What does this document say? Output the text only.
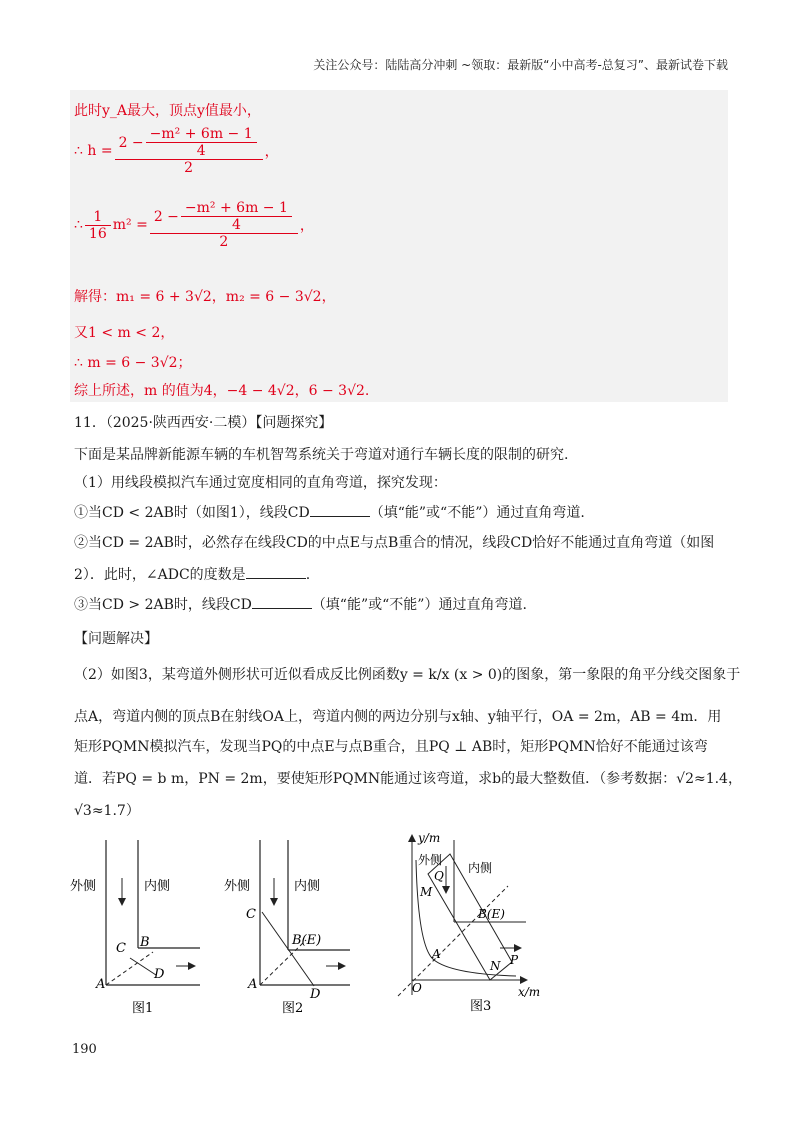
关注公众号：陆陆高分冲刺 ~领取：最新版“小中高考-总复习”、最新试卷下载
此时y_A最大，顶点y值最小，
∴ $h = \frac{2 - \frac{\text{−m² + 6m − 1}}{4}}{2}$ ，
∴ $\frac{1}{16} m^2 = \frac{2 - \frac{\text{−m² + 6m − 1}}{4}}{2}$ ，
解得：m₁ = 6 + 3√2，m₂ = 6 − 3√2，
又1 < m < 2，
∴ m = 6 − 3√2；
综上所述，m 的值为4，−4 − 4√2，6 − 3√2.
11．（2025·陕西西安·二模）【问题探究】
下面是某品牌新能源车辆的车机智驾系统关于弯道对通行车辆长度的限制的研究.
（1）用线段模拟汽车通过宽度相同的直角弯道，探究发现：
①当CD < 2AB时（如图1），线段CD	（填“能”或“不能”）通过直角弯道.
②当CD = 2AB时，必然存在线段CD的中点E与点B重合的情况，线段CD恰好不能通过直角弯道（如图
2）．此时，∠ADC的度数是	.
③当CD > 2AB时，线段CD	（填“能”或“不能”）通过直角弯道.
【问题解决】
（2）如图3，某弯道外侧形状可近似看成反比例函数y = k/x (x > 0)的图象，第一象限的角平分线交图象于
点A，弯道内侧的顶点B在射线OA上，弯道内侧的两边分别与x轴、y轴平行，OA = 2m，AB = 4m．用
矩形PQMN模拟汽车，发现当PQ的中点E与点B重合，且PQ ⊥ AB时，矩形PQMN恰好不能通过该弯
道．若PQ = b m，PN = 2m，要使矩形PQMN能通过该弯道，求b的最大整数值．（参考数据：√2≈1.4，
√3≈1.7）
外侧	内侧
A
B
C
D
图1
外侧	内侧
C
B(E)
A
D
图2
y/m
外侧
内侧
Q
M
B(E)
A
N P
O	x/m
图3
190
